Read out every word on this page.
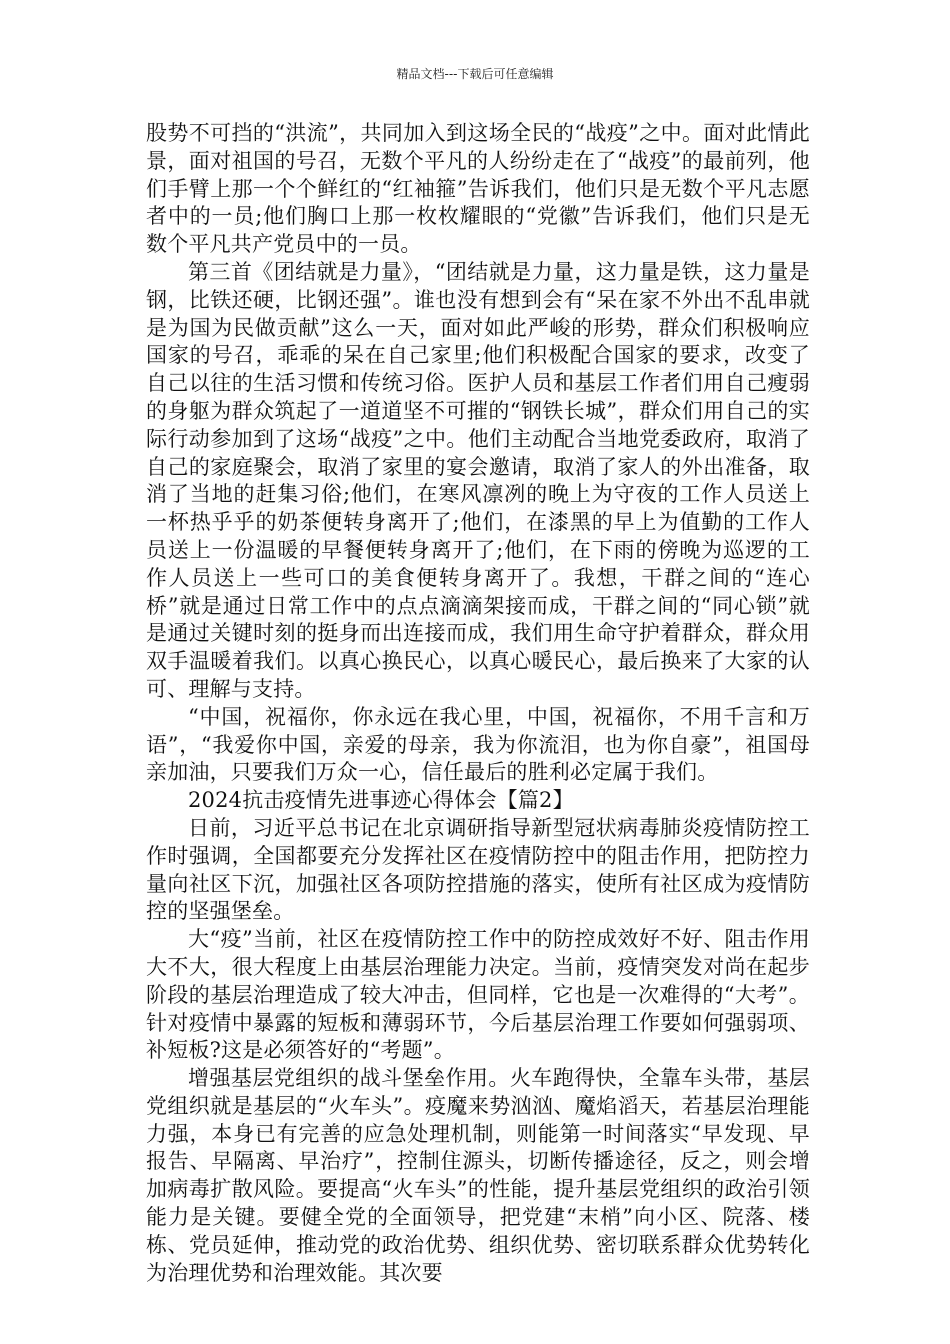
精品文档---下载后可任意编辑

股势不可挡的“洪流”，共同加入到这场全民的“战疫”之中。面对此情此景，面对祖国的号召，无数个平凡的人纷纷走在了“战疫”的最前列，他们手臂上那一个个鲜红的“红袖箍”告诉我们，他们只是无数个平凡志愿者中的一员;他们胸口上那一枚枚耀眼的“党徽”告诉我们，他们只是无数个平凡共产党员中的一员。

第三首《团结就是力量》，“团结就是力量，这力量是铁，这力量是钢，比铁还硬，比钢还强”。谁也没有想到会有“呆在家不外出不乱串就是为国为民做贡献”这么一天，面对如此严峻的形势，群众们积极响应国家的号召，乖乖的呆在自己家里;他们积极配合国家的要求，改变了自己以往的生活习惯和传统习俗。医护人员和基层工作者们用自己瘦弱的身躯为群众筑起了一道道坚不可摧的“钢铁长城”，群众们用自己的实际行动参加到了这场“战疫”之中。他们主动配合当地党委政府，取消了自己的家庭聚会，取消了家里的宴会邀请，取消了家人的外出准备，取消了当地的赶集习俗;他们，在寒风凛冽的晚上为守夜的工作人员送上一杯热乎乎的奶茶便转身离开了;他们，在漆黑的早上为值勤的工作人员送上一份温暖的早餐便转身离开了;他们，在下雨的傍晚为巡逻的工作人员送上一些可口的美食便转身离开了。我想，干群之间的“连心桥”就是通过日常工作中的点点滴滴架接而成，干群之间的“同心锁”就是通过关键时刻的挺身而出连接而成，我们用生命守护着群众，群众用双手温暖着我们。以真心换民心，以真心暖民心，最后换来了大家的认可、理解与支持。

“中国，祝福你，你永远在我心里，中国，祝福你，不用千言和万语”，“我爱你中国，亲爱的母亲，我为你流泪，也为你自豪”，祖国母亲加油，只要我们万众一心，信任最后的胜利必定属于我们。

2024抗击疫情先进事迹心得体会【篇2】

日前，习近平总书记在北京调研指导新型冠状病毒肺炎疫情防控工作时强调，全国都要充分发挥社区在疫情防控中的阻击作用，把防控力量向社区下沉，加强社区各项防控措施的落实，使所有社区成为疫情防控的坚强堡垒。

大“疫”当前，社区在疫情防控工作中的防控成效好不好、阻击作用大不大，很大程度上由基层治理能力决定。当前，疫情突发对尚在起步阶段的基层治理造成了较大冲击，但同样，它也是一次难得的“大考”。针对疫情中暴露的短板和薄弱环节，今后基层治理工作要如何强弱项、补短板?这是必须答好的“考题”。

增强基层党组织的战斗堡垒作用。火车跑得快，全靠车头带，基层党组织就是基层的“火车头”。疫魔来势汹汹、魔焰滔天，若基层治理能力强，本身已有完善的应急处理机制，则能第一时间落实“早发现、早报告、早隔离、早治疗”，控制住源头，切断传播途径，反之，则会增加病毒扩散风险。要提高“火车头”的性能，提升基层党组织的政治引领能力是关键。要健全党的全面领导，把党建“末梢”向小区、院落、楼栋、党员延伸，推动党的政治优势、组织优势、密切联系群众优势转化为治理优势和治理效能。其次要
